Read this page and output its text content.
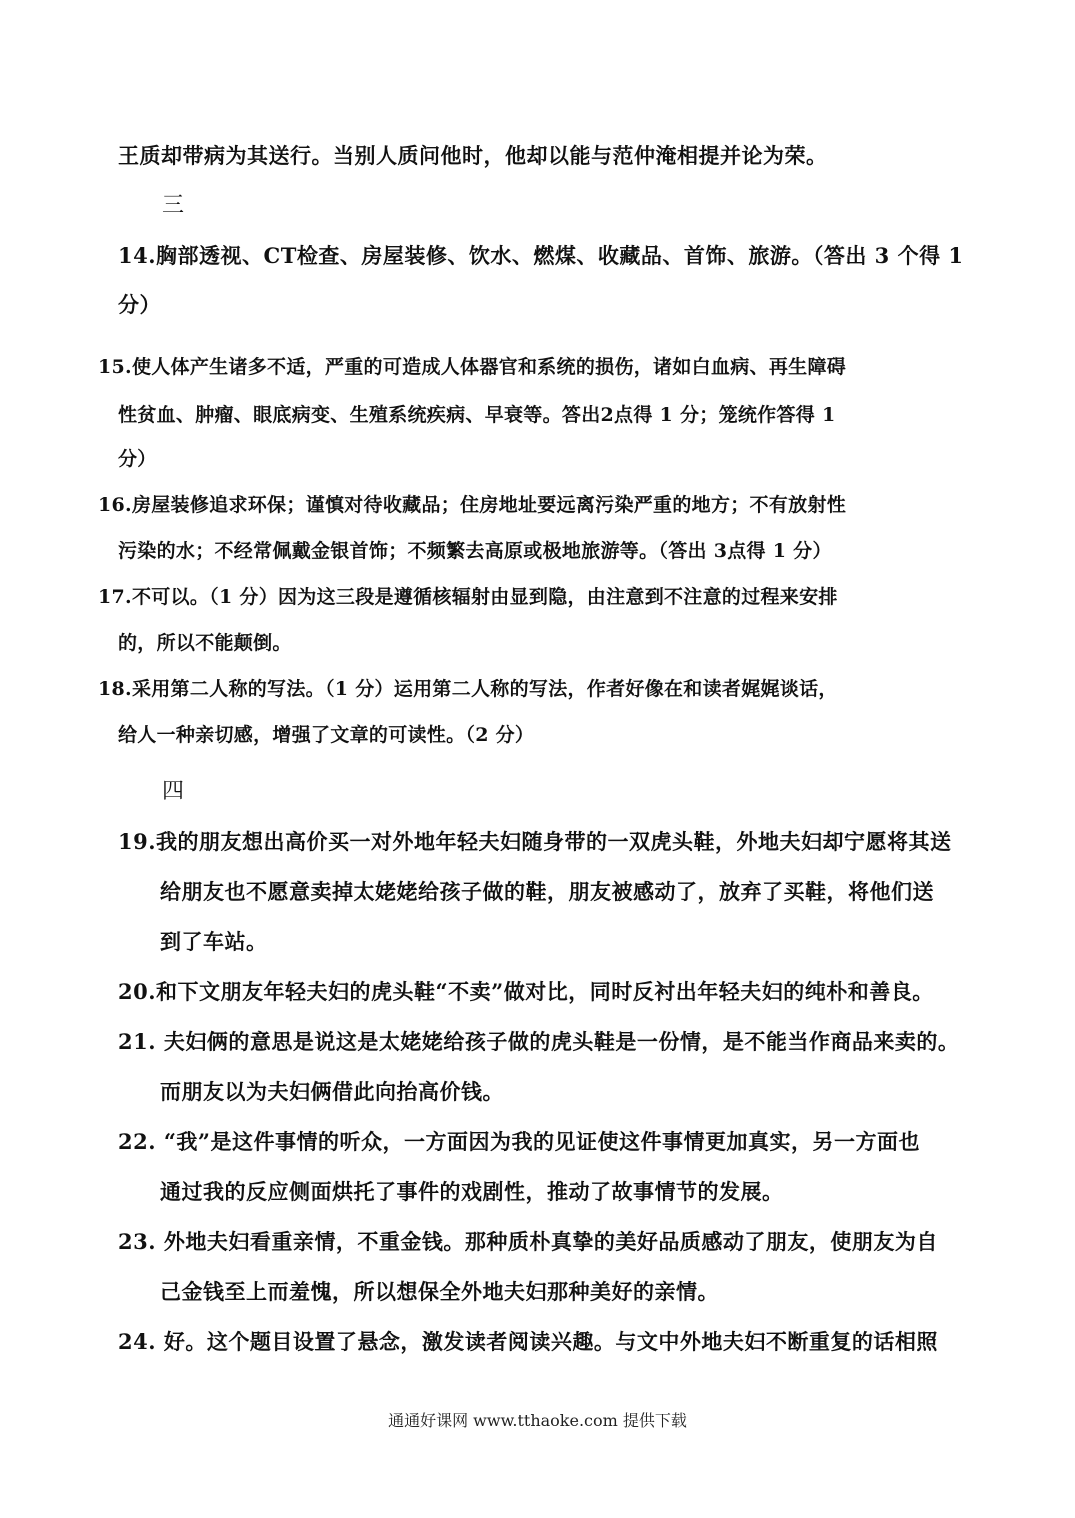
王质却带病为其送行。当别人质问他时，他却以能与范仲淹相提并论为荣。
三
14.胸部透视、CT检查、房屋装修、饮水、燃煤、收藏品、首饰、旅游。（答出 3 个得 1
分）
15.使人体产生诸多不适，严重的可造成人体器官和系统的损伤，诸如白血病、再生障碍
性贫血、肿瘤、眼底病变、生殖系统疾病、早衰等。答出2点得 1 分；笼统作答得 1
分）
16.房屋装修追求环保；谨慎对待收藏品；住房地址要远离污染严重的地方；不有放射性
污染的水；不经常佩戴金银首饰；不频繁去高原或极地旅游等。（答出 3点得 1 分）
17.不可以。（1 分）因为这三段是遵循核辐射由显到隐，由注意到不注意的过程来安排
的，所以不能颠倒。
18.采用第二人称的写法。（1 分）运用第二人称的写法，作者好像在和读者娓娓谈话，
给人一种亲切感，增强了文章的可读性。（2 分）
四
19.我的朋友想出高价买一对外地年轻夫妇随身带的一双虎头鞋，外地夫妇却宁愿将其送
给朋友也不愿意卖掉太姥姥给孩子做的鞋，朋友被感动了，放弃了买鞋，将他们送
到了车站。
20.和下文朋友年轻夫妇的虎头鞋“不卖”做对比，同时反衬出年轻夫妇的纯朴和善良。
21. 夫妇俩的意思是说这是太姥姥给孩子做的虎头鞋是一份情，是不能当作商品来卖的。
而朋友以为夫妇俩借此向抬高价钱。
22. “我”是这件事情的听众，一方面因为我的见证使这件事情更加真实，另一方面也
通过我的反应侧面烘托了事件的戏剧性，推动了故事情节的发展。
23. 外地夫妇看重亲情，不重金钱。那种质朴真挚的美好品质感动了朋友，使朋友为自
己金钱至上而羞愧，所以想保全外地夫妇那种美好的亲情。
24. 好。这个题目设置了悬念，激发读者阅读兴趣。与文中外地夫妇不断重复的话相照
通通好课网 www.tthaoke.com 提供下载
